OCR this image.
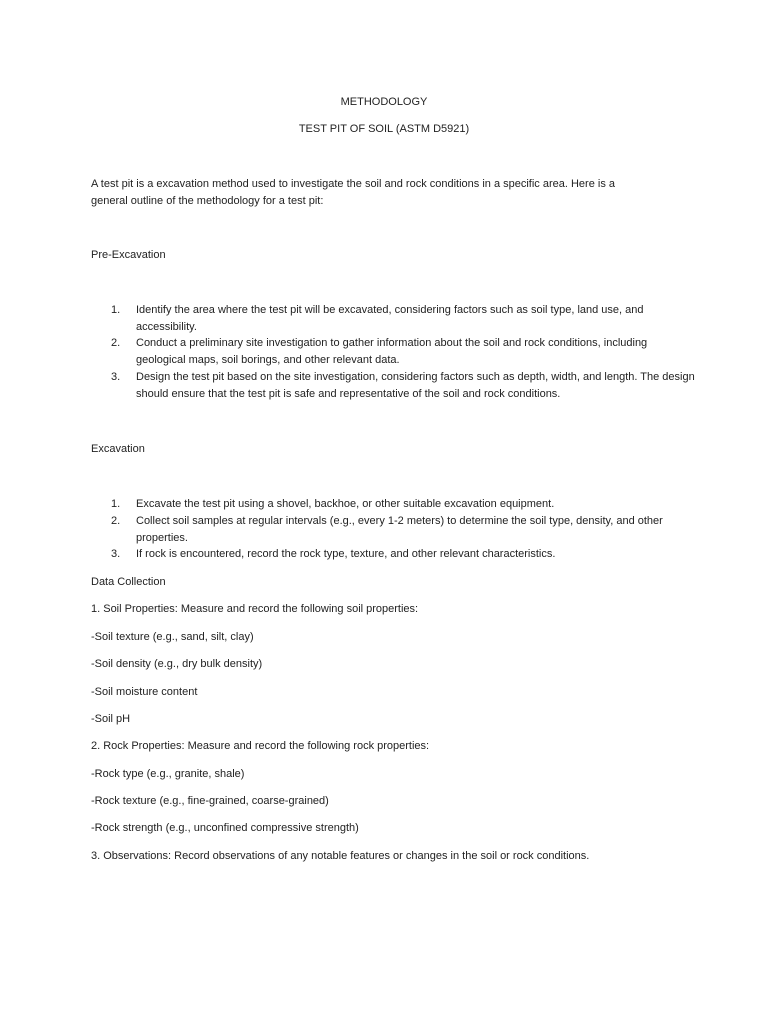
METHODOLOGY
TEST PIT OF SOIL (ASTM D5921)
A test pit is a excavation method used to investigate the soil and rock conditions in a specific area. Here is a
general outline of the methodology for a test pit:
Pre-Excavation
1. Identify the area where the test pit will be excavated, considering factors such as soil type, land use, and accessibility.
2. Conduct a preliminary site investigation to gather information about the soil and rock conditions, including geological maps, soil borings, and other relevant data.
3. Design the test pit based on the site investigation, considering factors such as depth, width, and length. The design should ensure that the test pit is safe and representative of the soil and rock conditions.
Excavation
1. Excavate the test pit using a shovel, backhoe, or other suitable excavation equipment.
2. Collect soil samples at regular intervals (e.g., every 1-2 meters) to determine the soil type, density, and other properties.
3. If rock is encountered, record the rock type, texture, and other relevant characteristics.
Data Collection
1. Soil Properties: Measure and record the following soil properties:
-Soil texture (e.g., sand, silt, clay)
-Soil density (e.g., dry bulk density)
-Soil moisture content
-Soil pH
2. Rock Properties: Measure and record the following rock properties:
-Rock type (e.g., granite, shale)
-Rock texture (e.g., fine-grained, coarse-grained)
-Rock strength (e.g., unconfined compressive strength)
3. Observations: Record observations of any notable features or changes in the soil or rock conditions.
